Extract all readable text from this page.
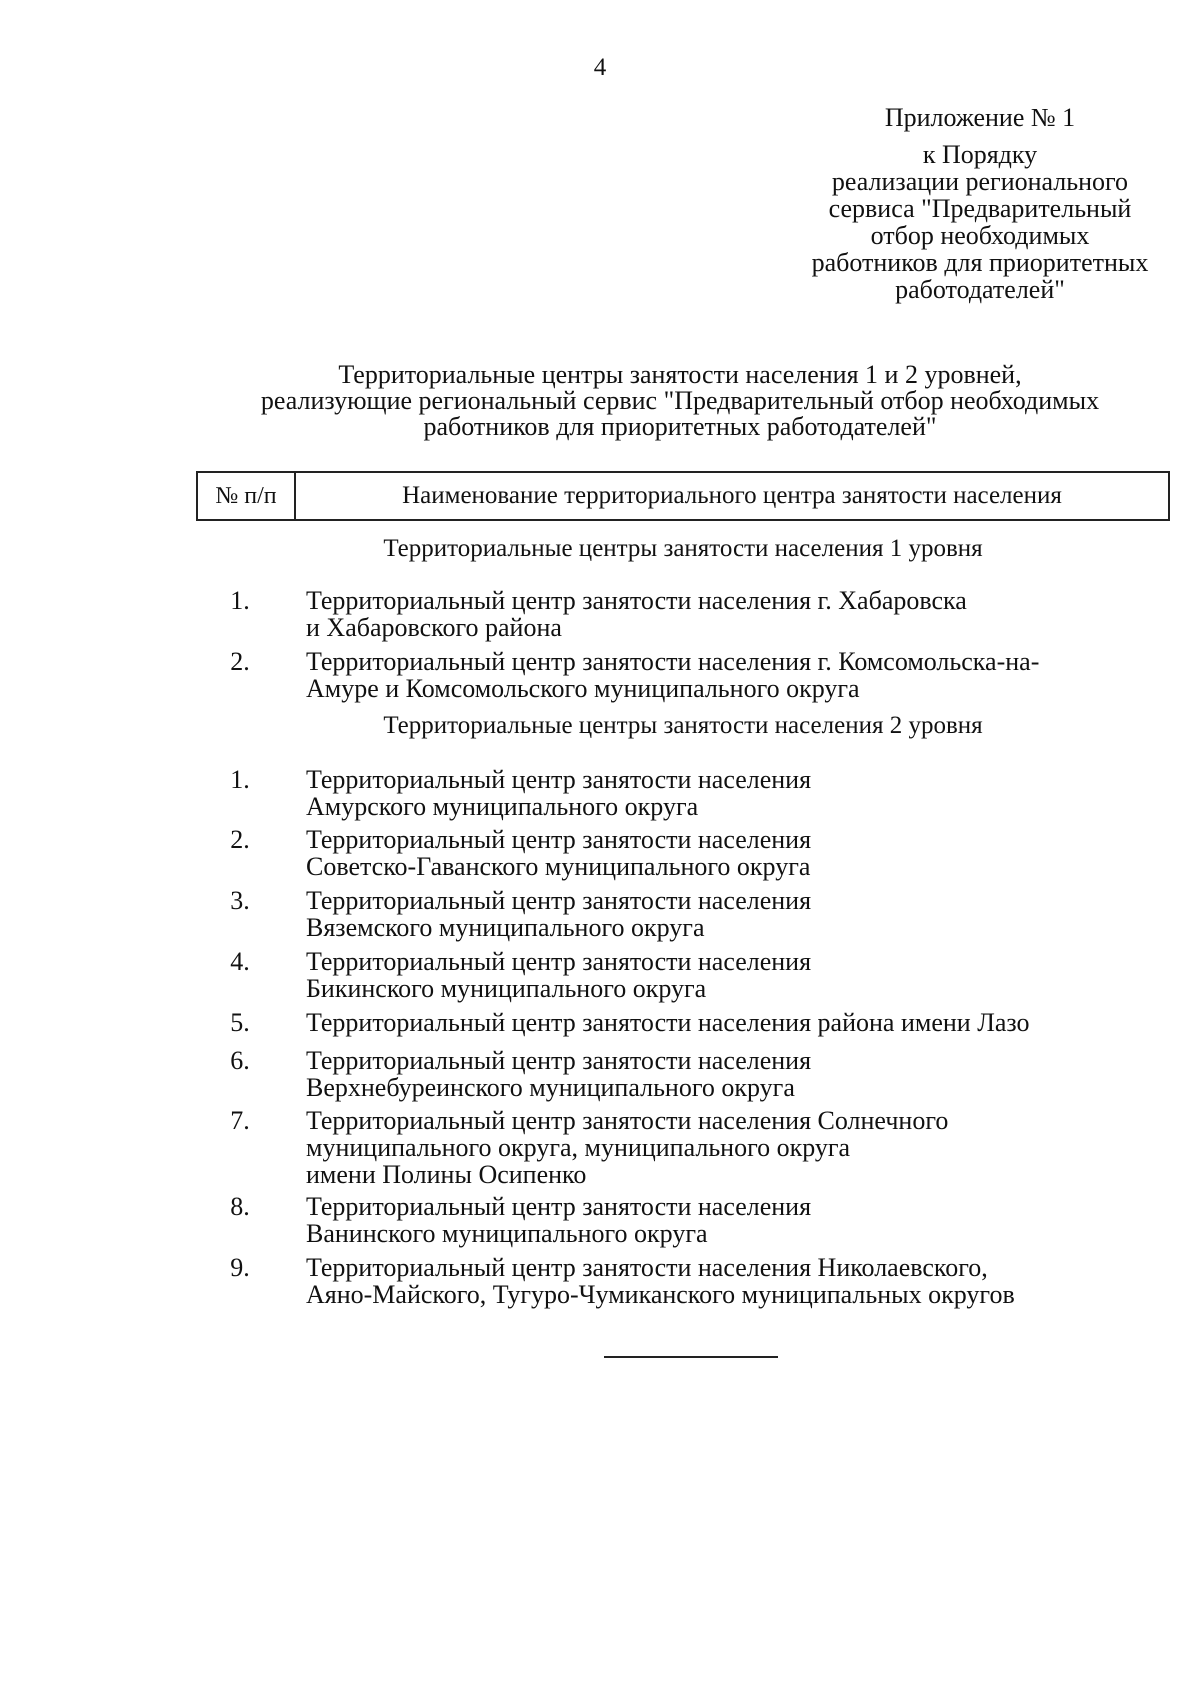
4
Приложение № 1
к Порядку
реализации регионального
сервиса "Предварительный
отбор необходимых
работников для приоритетных
работодателей"
Территориальные центры занятости населения 1 и 2 уровней,
реализующие региональный сервис "Предварительный отбор необходимых
работников для приоритетных работодателей"
№ п/п	Наименование территориального центра занятости населения
Территориальные центры занятости населения 1 уровня
1.	Территориальный центр занятости населения г. Хабаровска
и Хабаровского района
2.	Территориальный центр занятости населения г. Комсомольска-на-
Амуре и Комсомольского муниципального округа
Территориальные центры занятости населения 2 уровня
1.	Территориальный центр занятости населения
Амурского муниципального округа
2.	Территориальный центр занятости населения
Советско-Гаванского муниципального округа
3.	Территориальный центр занятости населения
Вяземского муниципального округа
4.	Территориальный центр занятости населения
Бикинского муниципального округа
5.	Территориальный центр занятости населения района имени Лазо
6.	Территориальный центр занятости населения
Верхнебуреинского муниципального округа
7.	Территориальный центр занятости населения Солнечного
муниципального округа, муниципального округа
имени Полины Осипенко
8.	Территориальный центр занятости населения
Ванинского муниципального округа
9.	Территориальный центр занятости населения Николаевского,
Аяно-Майского, Тугуро-Чумиканского муниципальных округов
